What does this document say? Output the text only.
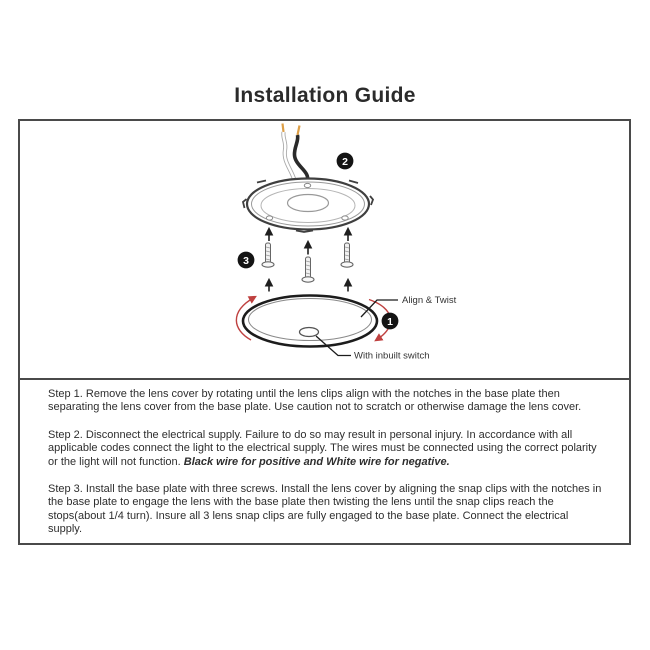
Installation Guide
2
3
Align & Twist
1
With inbuilt switch

Step 1. Remove the lens cover by rotating until the lens clips align with the notches in the base plate then separating the lens cover from the base plate. Use caution not to scratch or otherwise damage the lens cover.

Step 2. Disconnect the electrical supply. Failure to do so may result in personal injury. In accordance with all applicable codes connect the light to the electrical supply. The wires must be connected using the correct polarity or the light will not function. Black wire for positive and White wire for negative.

Step 3. Install the base plate with three screws. Install the lens cover by aligning the snap clips with the notches in the base plate to engage the lens with the base plate then twisting the lens until the snap clips reach the stops(about 1/4 turn). Insure all 3 lens snap clips are fully engaged to the base plate. Connect the electrical supply.
